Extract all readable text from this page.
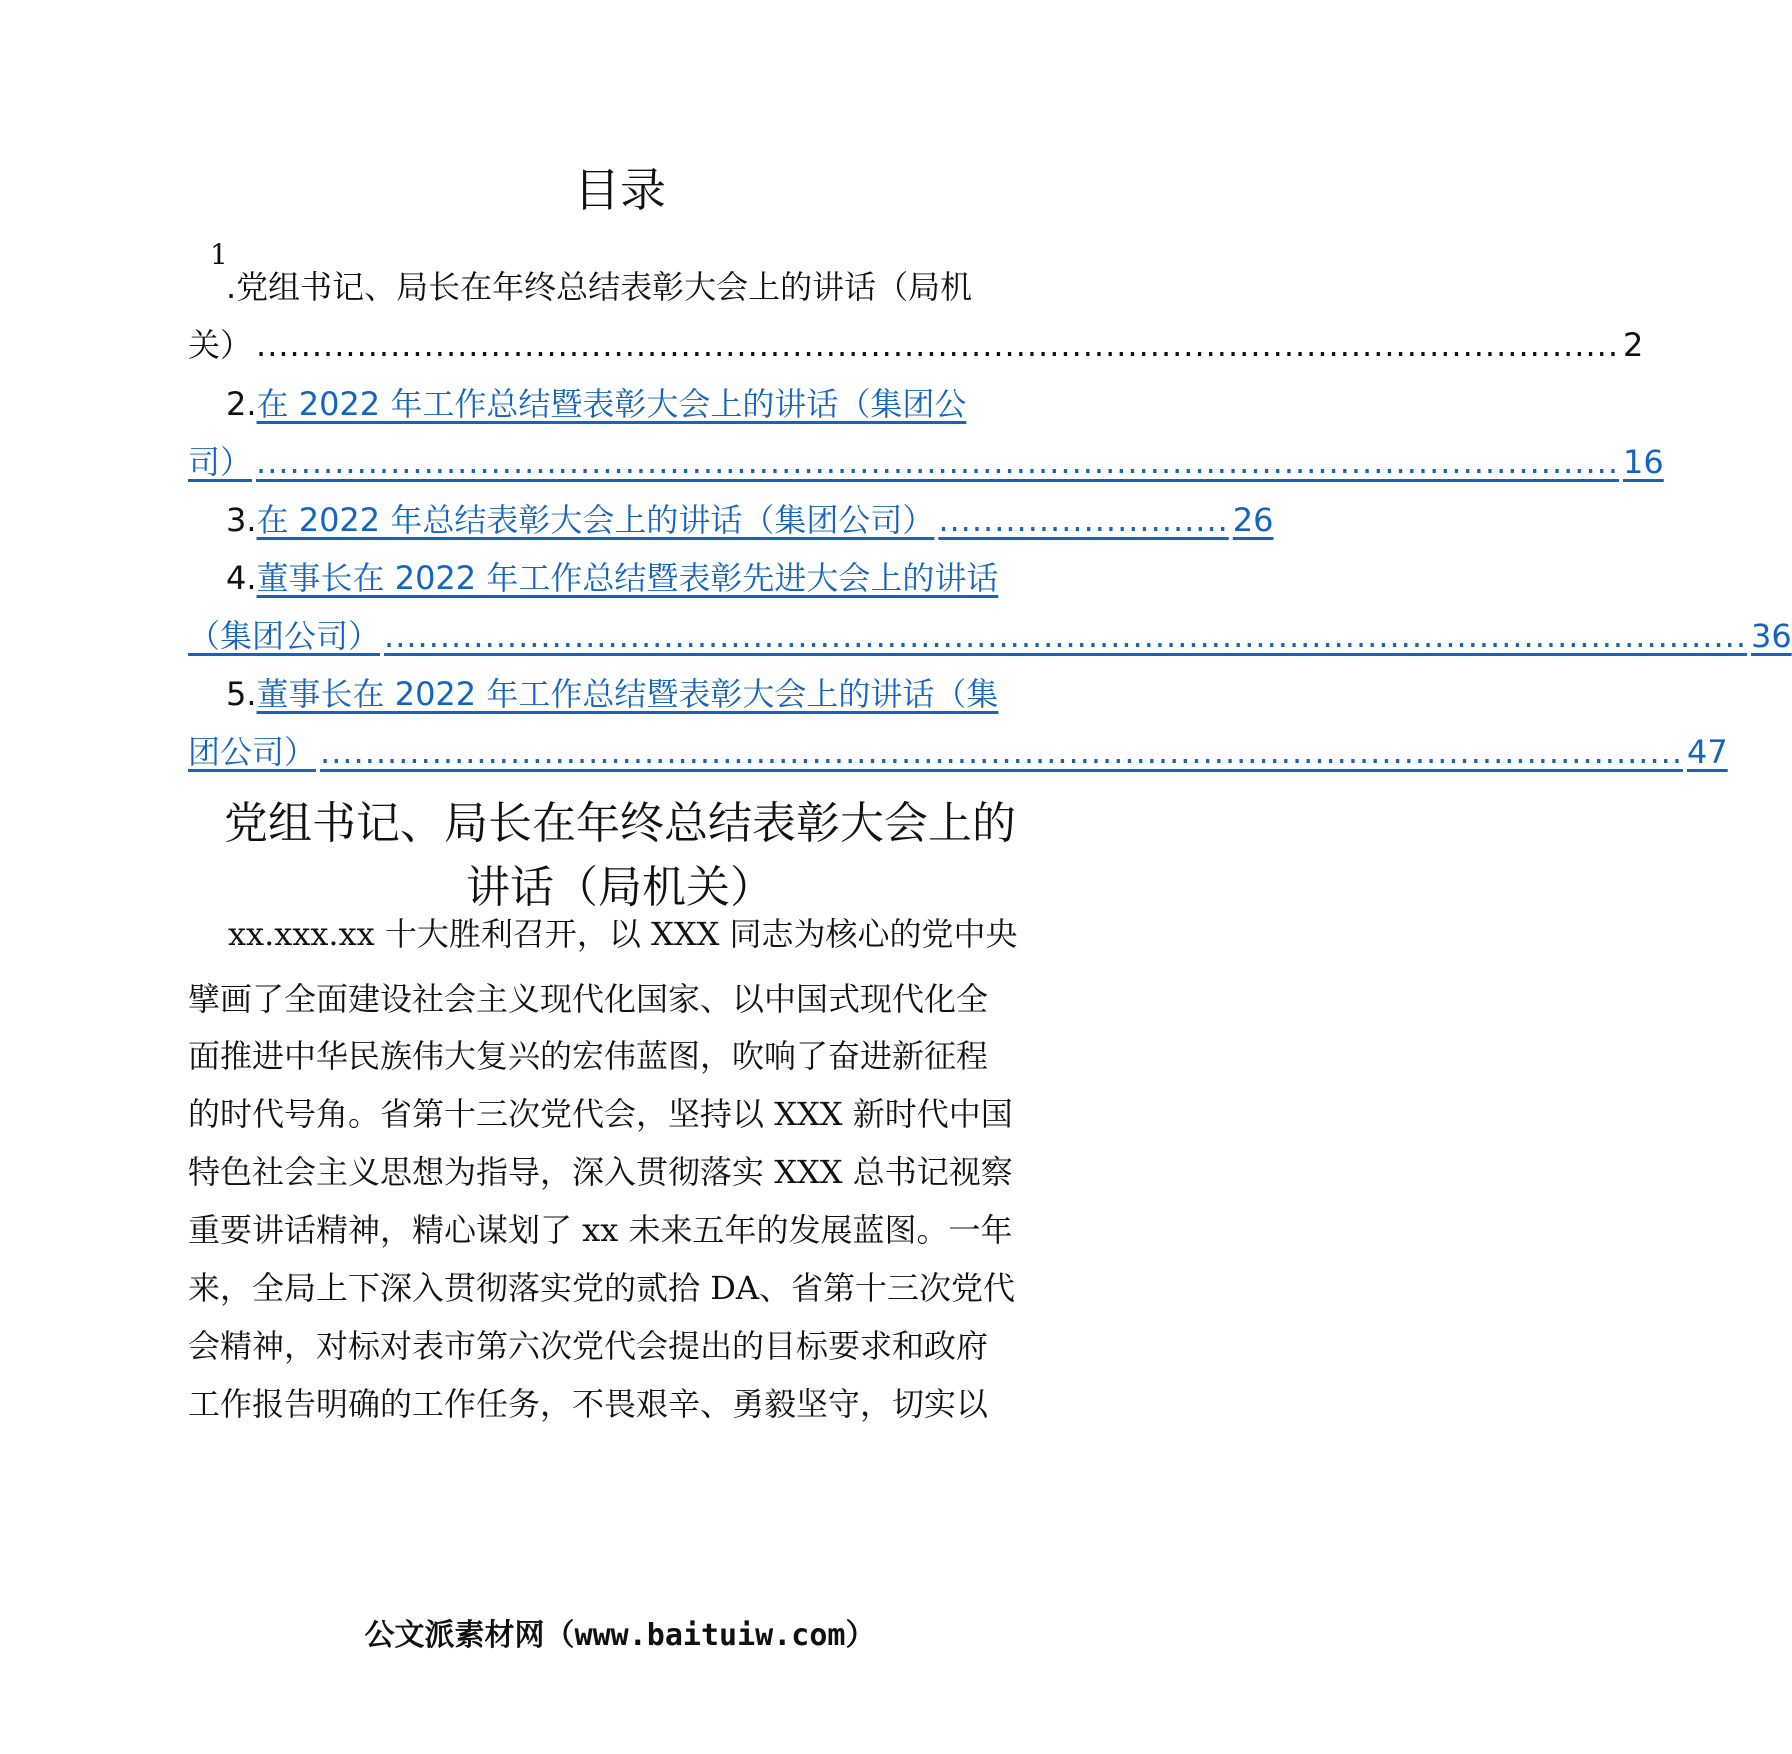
目录
1
.党组书记、局长在年终总结表彰大会上的讲话（局机
关） .......................................................................................................................... 2
2.在 2022 年工作总结暨表彰大会上的讲话（集团公
司） .......................................................................................................................... 16
3. 在 2022 年总结表彰大会上的讲话（集团公司） .......................... 26
4.董事长在 2022 年工作总结暨表彰先进大会上的讲话
（集团公司） .......................................................................................................................... 36
5.董事长在 2022 年工作总结暨表彰大会上的讲话（集
团公司） .......................................................................................................................... 47
党组书记、局长在年终总结表彰大会上的
讲话（局机关）
xx.xxx.xx 十大胜利召开，以 XXX 同志为核心的党中央
擘画了全面建设社会主义现代化国家、以中国式现代化全
面推进中华民族伟大复兴的宏伟蓝图，吹响了奋进新征程
的时代号角。省第十三次党代会，坚持以 XXX 新时代中国
特色社会主义思想为指导，深入贯彻落实 XXX 总书记视察
重要讲话精神，精心谋划了 xx 未来五年的发展蓝图。一年
来，全局上下深入贯彻落实党的贰拾 DA、省第十三次党代
会精神，对标对表市第六次党代会提出的目标要求和政府
工作报告明确的工作任务，不畏艰辛、勇毅坚守，切实以
公文派素材网（www.baituiw.com）
